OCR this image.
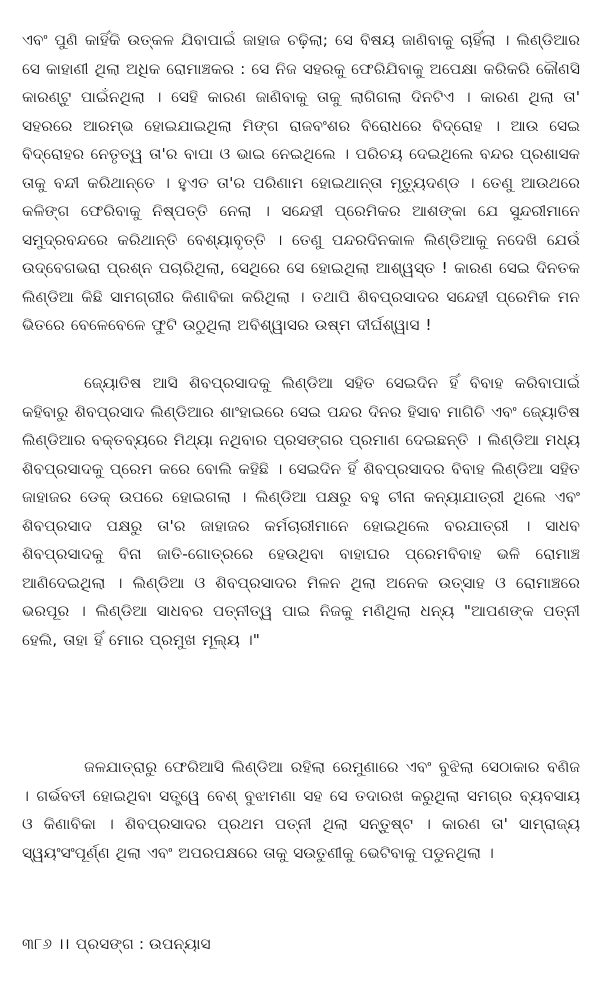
ଏବଂ ପୁଣି କାହିଁକି ଉତ୍କଳ ଯିବାପାଇଁ ଜାହାଜ ଚଢ଼ିଲା; ସେ ବିଷୟ ଜାଣିବାକୁ ଚାହିଁଲା । ଲିଣ୍ଡିଆର ସେ କାହାଣୀ ଥିଲା ଅଧିକ ରୋମାଞ୍ଚକର : ସେ ନିଜ ସହରକୁ ଫେରିଯିବାକୁ ଅପେକ୍ଷା କରିକରି କୌଣସି କାରଣ୍ଟୁ ପାଇଁନଥିଲା । ସେହି କାରଣ ଜାଣିବାକୁ ତାକୁ ଲାଗିଗଲା ଦିନଟିଏ । କାରଣ ଥିଲା ତା' ସହରରେ ଆରମ୍ଭ ହୋଇଯାଇଥିଲା ମିଙ୍ଗ ରାଜବଂଶର ବିରୋଧରେ ବିଦ୍ରୋହ । ଆଉ ସେଇ ବିଦ୍ରୋହର ନେତୃତ୍ୱ ତା'ର ବାପା ଓ ଭାଇ ନେଇଥିଲେ । ପରିଚୟ ଦେଇଥିଲେ ବନ୍ଦର ପ୍ରଶାସକ ତାକୁ ବନ୍ଦୀ କରିଥାନ୍ତେ । ହୁଏତ ତା'ର ପରିଣାମ ହୋଇଥାନ୍ତା ମୃତ୍ୟୁଦଣ୍ଡ । ତେଣୁ ଆଉଥରେ କଳିଙ୍ଗ ଫେରିବାକୁ ନିଷ୍ପତ୍ତି ନେଲା । ସନ୍ଦେହୀ ପ୍ରେମିକର ଆଶଙ୍କା ଯେ ସୁନ୍ଦରୀମାନେ ସମୁଦ୍ରବନ୍ଦରେ କରିଥାନ୍ତି ବେଶ୍ୟାବୃତ୍ତି । ତେଣୁ ପନ୍ଦରଦିନକାଳ ଲିଣ୍ଡିଆକୁ ନଦେଖି ଯେଉଁ ଉଦ୍‌ବେଗଭରା ପ୍ରଶ୍ନ ପଚାରିଥିଲା, ସେଥିରେ ସେ ହୋଇଥିଲା ଆଶ୍ୱସ୍ତ ! କାରଣ ସେଇ ଦିନତକ ଲିଣ୍ଡିଆ କିଛି ସାମଗ୍ରୀର କିଣାବିକା କରିଥିଲା । ତଥାପି ଶିବପ୍ରସାଦର ସନ୍ଦେହୀ ପ୍ରେମିକ ମନ ଭିତରେ ବେଳେବେଳେ ଫୁଟି ଉଠୁଥିଲା ଅବିଶ୍ୱାସର ଉଷ୍ମ ଦୀର୍ଘଶ୍ୱାସ !

ଜ୍ୟୋତିଷ ଆସି ଶିବପ୍ରସାଦକୁ ଲିଣ୍ଡିଆ ସହିତ ସେଇଦିନ ହିଁ ବିବାହ କରିବାପାଇଁ କହିବାରୁ ଶିବପ୍ରସାଦ ଲିଣ୍ଡିଆର ଶାଂହାଇରେ ସେଇ ପନ୍ଦର ଦିନର ହିସାବ ମାଗିଚି ଏବଂ ଜ୍ୟୋତିଷ ଲିଣ୍ଡିଆର ବକ୍ତବ୍ୟରେ ମିଥ୍ୟା ନଥିବାର ପ୍ରସଙ୍ଗର ପ୍ରମାଣ ଦେଇଛନ୍ତି । ଲିଣ୍ଡିଆ ମଧ୍ୟ ଶିବପ୍ରସାଦକୁ ପ୍ରେମ କରେ ବୋଲି କହିଛି । ସେଇଦିନ ହିଁ ଶିବପ୍ରସାଦର ବିବାହ ଲିଣ୍ଡିଆ ସହିତ ଜାହାଜର ଡେକ୍ ଉପରେ ହୋଇଗଲା । ଲିଣ୍ଡିଆ ପକ୍ଷରୁ ବହୁ ଚୀନା କନ୍ୟାଯାତ୍ରୀ ଥିଲେ ଏବଂ ଶିବପ୍ରସାଦ ପକ୍ଷରୁ ତା'ର ଜାହାଜର କର୍ମଚାରୀମାନେ ହୋଇଥିଲେ ବରଯାତ୍ରୀ । ସାଧବ ଶିବପ୍ରସାଦକୁ ବିନା ଜାତି-ଗୋତ୍ରରେ ହେଉଥିବା ବାହାଘର ପ୍ରେମବିବାହ ଭଳି ରୋମାଞ୍ଚ ଆଣିଦେଇଥିଲା । ଲିଣ୍ଡିଆ ଓ ଶିବପ୍ରସାଦର ମିଳନ ଥିଲା ଅନେକ ଉତ୍ସାହ ଓ ରୋମାଞ୍ଚରେ ଭରପୂର । ଲିଣ୍ଡିଆ ସାଧବର ପତ୍ନୀତ୍ୱ ପାଇ ନିଜକୁ ମଣିଥିଲା ଧନ୍ୟ "ଆପଣଙ୍କ ପତ୍ନୀ ହେଲି, ତାହା ହିଁ ମୋର ପ୍ରମୁଖ ମୂଲ୍ୟ ।"

ଜଳଯାତ୍ରାରୁ ଫେରିଆସି ଲିଣ୍ଡିଆ ରହିଲା ରେମୁଣାରେ ଏବଂ ବୁଝିଲା ସେଠାକାର ବଣିଜ । ଗର୍ଭବତୀ ହୋଇଥିବା ସତ୍ତ୍ୱେ ବେଶ୍ ବୁଝାମଣା ସହ ସେ ତଦାରଖ କରୁଥିଲା ସମଗ୍ର ବ୍ୟବସାୟ ଓ କିଣାବିକା । ଶିବପ୍ରସାଦର ପ୍ରଥମ ପତ୍ନୀ ଥିଲା ସନ୍ତୁଷ୍ଟ । କାରଣ ତା' ସାମ୍ରାଜ୍ୟ ସ୍ୱୟଂସଂପୂର୍ଣ୍ଣ ଥିଲା ଏବଂ ଅପରପକ୍ଷରେ ତାକୁ ସଉତୁଣୀକୁ ଭେଟିବାକୁ ପଡୁନଥିଲା ।

୩୮୬ ।। ପ୍ରସଙ୍ଗ : ଉପନ୍ୟାସ
